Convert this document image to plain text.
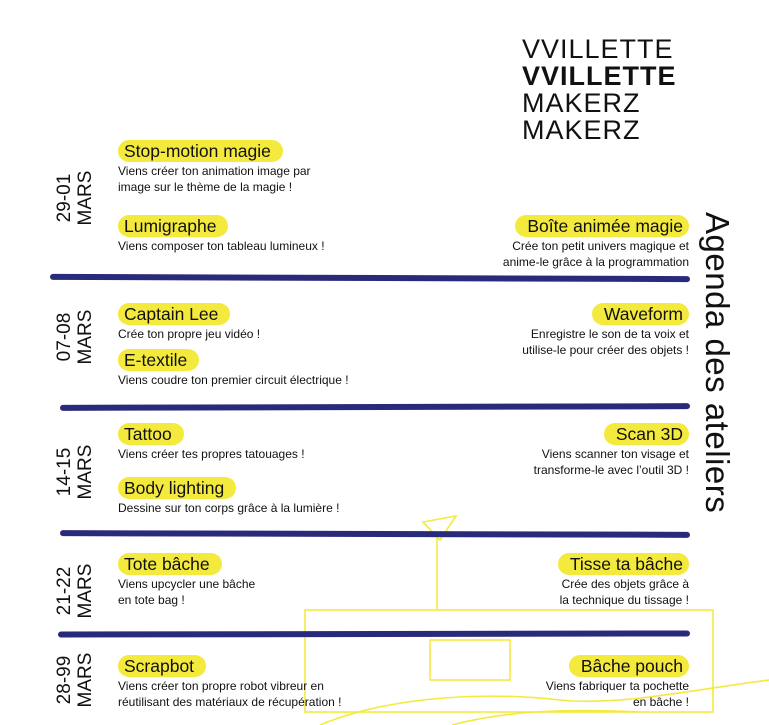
VVILLETTE
VVILLETTE
MAKERZ
MAKERZ
Agenda des ateliers
29-01 MARS
07-08 MARS
14-15 MARS
21-22 MARS
28-99 MARS
Stop-motion magie
Viens créer ton animation image par
image sur le thème de la magie !
Lumigraphe
Viens composer ton tableau lumineux !
Boîte animée magie
Crée ton petit univers magique et
anime-le grâce à la programmation
Captain Lee
Crée ton propre jeu vidéo !
E-textile
Viens coudre ton premier circuit électrique !
Waveform
Enregistre le son de ta voix et
utilise-le pour créer des objets !
Tattoo
Viens créer tes propres tatouages !
Body lighting
Dessine sur ton corps grâce à la lumière !
Scan 3D
Viens scanner ton visage et
transforme-le avec l’outil 3D !
Tote bâche
Viens upcycler une bâche
en tote bag !
Tisse ta bâche
Crée des objets grâce à
la technique du tissage !
Scrapbot
Viens créer ton propre robot vibreur en
réutilisant des matériaux de récupération !
Bâche pouch
Viens fabriquer ta pochette
en bâche !
